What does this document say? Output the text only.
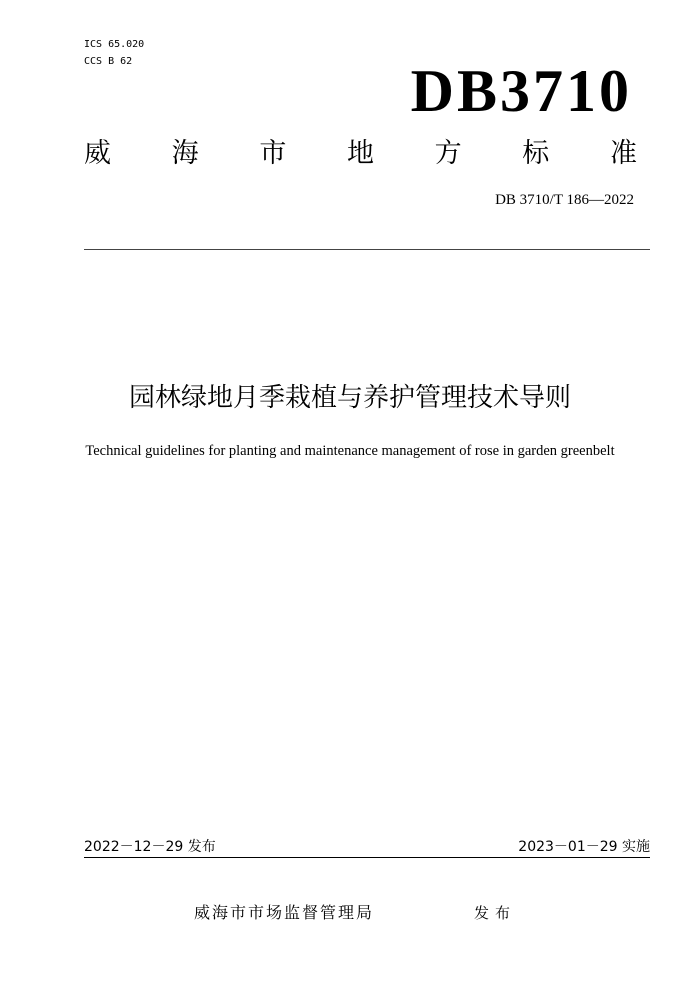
ICS 65.020
CCS B 62	DB3710
威 海 市 地 方 标 准
DB 3710/T 186—2022
园林绿地月季栽植与养护管理技术导则
Technical guidelines for planting and maintenance management of rose in garden greenbelt
2022－12－29 发布	2023－01－29 实施
威海市市场监督管理局	发布
